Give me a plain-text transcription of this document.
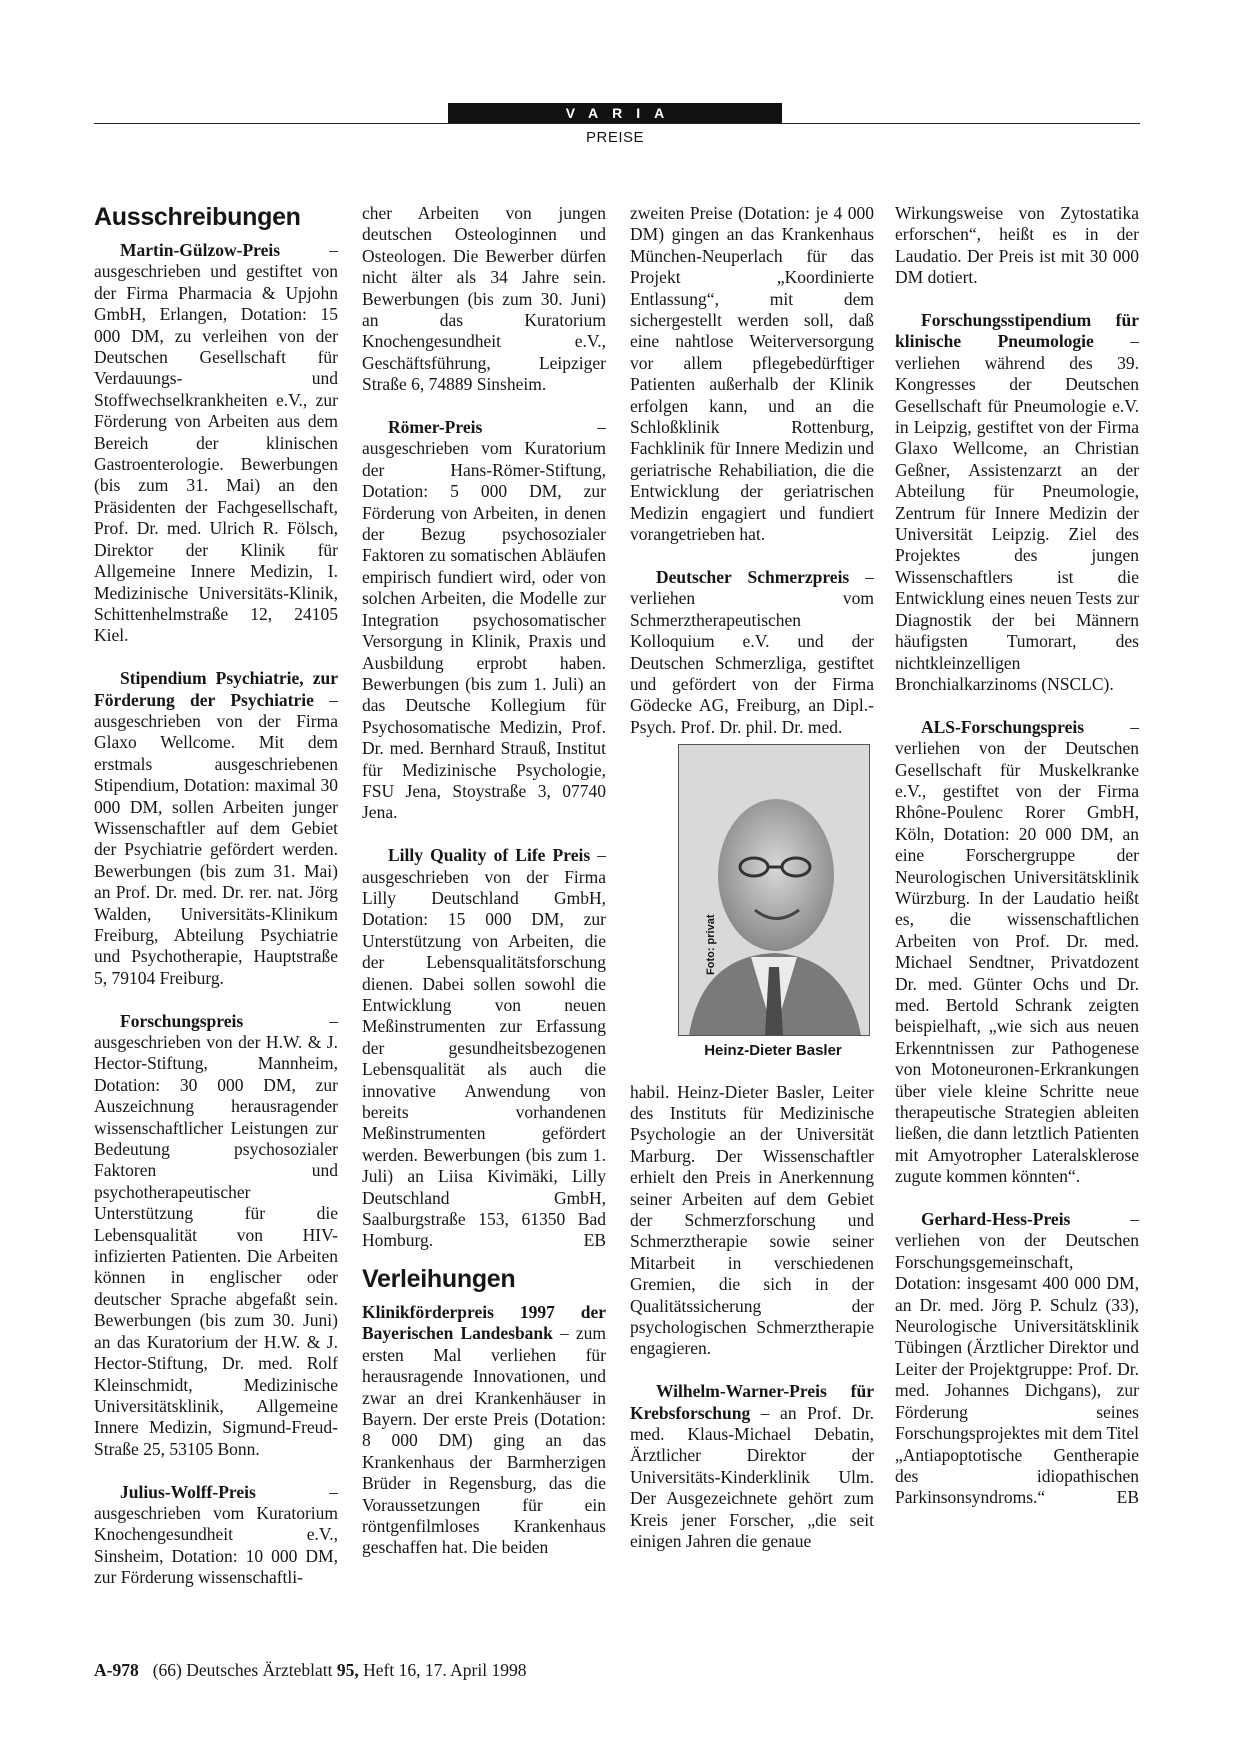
VARIA
PREISE
Ausschreibungen

Martin-Gülzow-Preis – ausgeschrieben und gestiftet von der Firma Pharmacia & Upjohn GmbH, Erlangen, Dotation: 15 000 DM, zu verleihen von der Deutschen Gesellschaft für Verdauungs- und Stoffwechselkrankheiten e.V., zur Förderung von Arbeiten aus dem Bereich der klinischen Gastroenterologie. Bewerbungen (bis zum 31. Mai) an den Präsidenten der Fachgesellschaft, Prof. Dr. med. Ulrich R. Fölsch, Direktor der Klinik für Allgemeine Innere Medizin, I. Medizinische Universitäts-Klinik, Schittenhelmstraße 12, 24105 Kiel.

Stipendium Psychiatrie, zur Förderung der Psychiatrie – ausgeschrieben von der Firma Glaxo Wellcome. Mit dem erstmals ausgeschriebenen Stipendium, Dotation: maximal 30 000 DM, sollen Arbeiten junger Wissenschaftler auf dem Gebiet der Psychiatrie gefördert werden. Bewerbungen (bis zum 31. Mai) an Prof. Dr. med. Dr. rer. nat. Jörg Walden, Universitäts-Klinikum Freiburg, Abteilung Psychiatrie und Psychotherapie, Hauptstraße 5, 79104 Freiburg.

Forschungspreis – ausgeschrieben von der H.W. & J. Hector-Stiftung, Mannheim, Dotation: 30 000 DM, zur Auszeichnung herausragender wissenschaftlicher Leistungen zur Bedeutung psychosozialer Faktoren und psychotherapeutischer Unterstützung für die Lebensqualität von HIV-infizierten Patienten. Die Arbeiten können in englischer oder deutscher Sprache abgefaßt sein. Bewerbungen (bis zum 30. Juni) an das Kuratorium der H.W. & J. Hector-Stiftung, Dr. med. Rolf Kleinschmidt, Medizinische Universitätsklinik, Allgemeine Innere Medizin, Sigmund-Freud-Straße 25, 53105 Bonn.

Julius-Wolff-Preis – ausgeschrieben vom Kuratorium Knochengesundheit e.V., Sinsheim, Dotation: 10 000 DM, zur Förderung wissenschaftli-

cher Arbeiten von jungen deutschen Osteologinnen und Osteologen. Die Bewerber dürfen nicht älter als 34 Jahre sein. Bewerbungen (bis zum 30. Juni) an das Kuratorium Knochengesundheit e.V., Geschäftsführung, Leipziger Straße 6, 74889 Sinsheim.

Römer-Preis – ausgeschrieben vom Kuratorium der Hans-Römer-Stiftung, Dotation: 5 000 DM, zur Förderung von Arbeiten, in denen der Bezug psychosozialer Faktoren zu somatischen Abläufen empirisch fundiert wird, oder von solchen Arbeiten, die Modelle zur Integration psychosomatischer Versorgung in Klinik, Praxis und Ausbildung erprobt haben. Bewerbungen (bis zum 1. Juli) an das Deutsche Kollegium für Psychosomatische Medizin, Prof. Dr. med. Bernhard Strauß, Institut für Medizinische Psychologie, FSU Jena, Stoystraße 3, 07740 Jena.

Lilly Quality of Life Preis – ausgeschrieben von der Firma Lilly Deutschland GmbH, Dotation: 15 000 DM, zur Unterstützung von Arbeiten, die der Lebensqualitätsforschung dienen. Dabei sollen sowohl die Entwicklung von neuen Meßinstrumenten zur Erfassung der gesundheitsbezogenen Lebensqualität als auch die innovative Anwendung von bereits vorhandenen Meßinstrumenten gefördert werden. Bewerbungen (bis zum 1. Juli) an Liisa Kivimäki, Lilly Deutschland GmbH, Saalburgstraße 153, 61350 Bad Homburg.	EB

Verleihungen

Klinikförderpreis 1997 der Bayerischen Landesbank – zum ersten Mal verliehen für herausragende Innovationen, und zwar an drei Krankenhäuser in Bayern. Der erste Preis (Dotation: 8 000 DM) ging an das Krankenhaus der Barmherzigen Brüder in Regensburg, das die Voraussetzungen für ein röntgenfilmloses Krankenhaus geschaffen hat. Die beiden

zweiten Preise (Dotation: je 4 000 DM) gingen an das Krankenhaus München-Neuperlach für das Projekt „Koordinierte Entlassung“, mit dem sichergestellt werden soll, daß eine nahtlose Weiterversorgung vor allem pflegebedürftiger Patienten außerhalb der Klinik erfolgen kann, und an die Schloßklinik Rottenburg, Fachklinik für Innere Medizin und geriatrische Rehabiliation, die die Entwicklung der geriatrischen Medizin engagiert und fundiert vorangetrieben hat.

Deutscher Schmerzpreis – verliehen vom Schmerztherapeutischen Kolloquium e.V. und der Deutschen Schmerzliga, gestiftet und gefördert von der Firma Gödecke AG, Freiburg, an Dipl.-Psych. Prof. Dr. phil. Dr. med.

Foto: privat
Heinz-Dieter Basler

habil. Heinz-Dieter Basler, Leiter des Instituts für Medizinische Psychologie an der Universität Marburg. Der Wissenschaftler erhielt den Preis in Anerkennung seiner Arbeiten auf dem Gebiet der Schmerzforschung und Schmerztherapie sowie seiner Mitarbeit in verschiedenen Gremien, die sich in der Qualitätssicherung der psychologischen Schmerztherapie engagieren.

Wilhelm-Warner-Preis für Krebsforschung – an Prof. Dr. med. Klaus-Michael Debatin, Ärztlicher Direktor der Universitäts-Kinderklinik Ulm. Der Ausgezeichnete gehört zum Kreis jener Forscher, „die seit einigen Jahren die genaue

Wirkungsweise von Zytostatika erforschen“, heißt es in der Laudatio. Der Preis ist mit 30 000 DM dotiert.

Forschungsstipendium für klinische Pneumologie – verliehen während des 39. Kongresses der Deutschen Gesellschaft für Pneumologie e.V. in Leipzig, gestiftet von der Firma Glaxo Wellcome, an Christian Geßner, Assistenzarzt an der Abteilung für Pneumologie, Zentrum für Innere Medizin der Universität Leipzig. Ziel des Projektes des jungen Wissenschaftlers ist die Entwicklung eines neuen Tests zur Diagnostik der bei Männern häufigsten Tumorart, des nichtkleinzelligen Bronchialkarzinoms (NSCLC).

ALS-Forschungspreis – verliehen von der Deutschen Gesellschaft für Muskelkranke e.V., gestiftet von der Firma Rhône-Poulenc Rorer GmbH, Köln, Dotation: 20 000 DM, an eine Forschergruppe der Neurologischen Universitätsklinik Würzburg. In der Laudatio heißt es, die wissenschaftlichen Arbeiten von Prof. Dr. med. Michael Sendtner, Privatdozent Dr. med. Günter Ochs und Dr. med. Bertold Schrank zeigten beispielhaft, „wie sich aus neuen Erkenntnissen zur Pathogenese von Motoneuronen-Erkrankungen über viele kleine Schritte neue therapeutische Strategien ableiten ließen, die dann letztlich Patienten mit Amyotropher Lateralsklerose zugute kommen könnten“.

Gerhard-Hess-Preis – verliehen von der Deutschen Forschungsgemeinschaft, Dotation: insgesamt 400 000 DM, an Dr. med. Jörg P. Schulz (33), Neurologische Universitätsklinik Tübingen (Ärztlicher Direktor und Leiter der Projektgruppe: Prof. Dr. med. Johannes Dichgans), zur Förderung seines Forschungsprojektes mit dem Titel „Antiapoptotische Gentherapie des idiopathischen Parkinsonsyndroms.“	EB

A-978 (66) Deutsches Ärzteblatt 95, Heft 16, 17. April 1998
